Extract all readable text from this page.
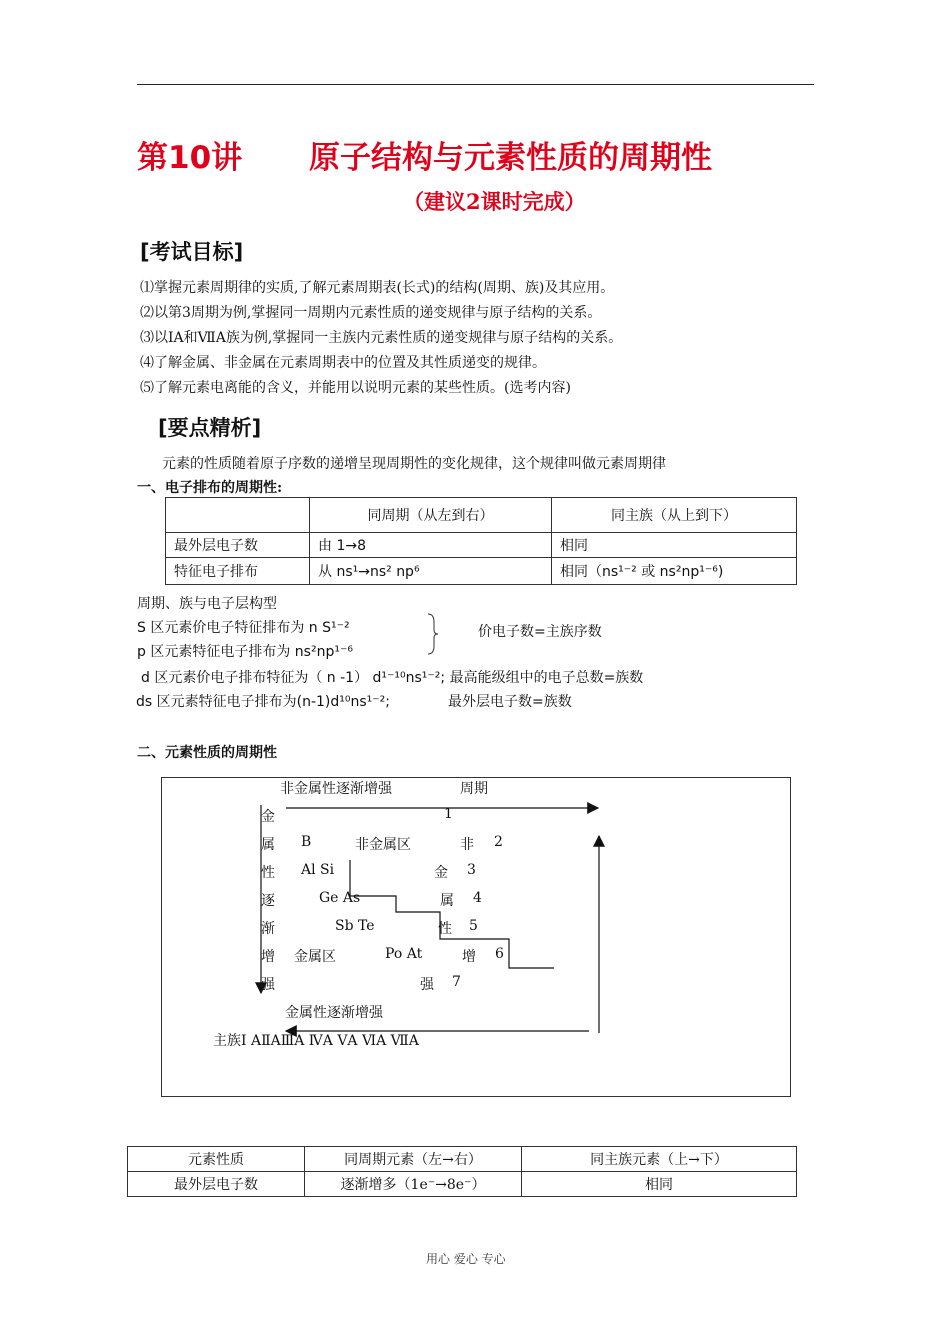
第10讲 原子结构与元素性质的周期性
（建议2课时完成）
[考试目标]
⑴掌握元素周期律的实质,了解元素周期表(长式)的结构(周期、族)及其应用。
⑵以第3周期为例,掌握同一周期内元素性质的递变规律与原子结构的关系。
⑶以ⅠA和ⅦA族为例,掌握同一主族内元素性质的递变规律与原子结构的关系。
⑷了解金属、非金属在元素周期表中的位置及其性质递变的规律。
⑸了解元素电离能的含义，并能用以说明元素的某些性质。(选考内容)
[要点精析]
元素的性质随着原子序数的递增呈现周期性的变化规律，这个规律叫做元素周期律
一、电子排布的周期性:
	同周期（从左到右）	同主族（从上到下）
最外层电子数	由 1→8	相同
特征电子排布	从 ns¹→ns² np⁶	相同（ns¹⁻² 或 ns²np¹⁻⁶)
周期、族与电子层构型
S 区元素价电子特征排布为 n S¹⁻²
p 区元素特征电子排布为 ns²np¹⁻⁶
价电子数=主族序数
d 区元素价电子排布特征为（ n -1） d¹⁻¹⁰ns¹⁻²; 最高能级组中的电子总数=族数
ds 区元素特征电子排布为(n-1)d¹⁰ns¹⁻²;	最外层电子数=族数
二、元素性质的周期性
非金属性逐渐增强	周期
金
属
性
逐
渐
增
强
1
2
3
4
5
6
7
非
金
属
性
增
强
B	非金属区
Al Si
Ge As
Sb Te
金属区	Po At
金属性逐渐增强
主族Ⅰ AⅡAⅢA ⅣA ⅤA ⅥA ⅦA
元素性质	同周期元素（左→右）	同主族元素（上→下）
最外层电子数	逐渐增多（1e⁻→8e⁻）	相同
用心 爱心 专心
